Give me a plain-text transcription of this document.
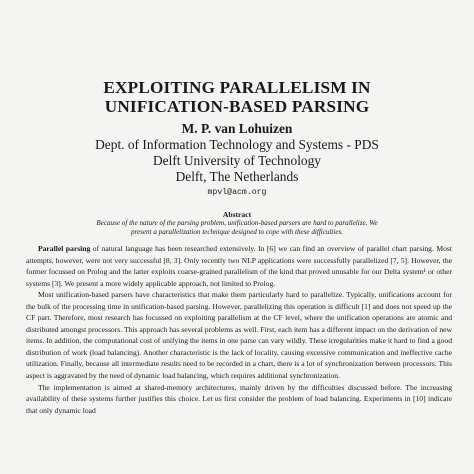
EXPLOITING PARALLELISM IN
UNIFICATION-BASED PARSING
M. P. van Lohuizen
Dept. of Information Technology and Systems - PDS
Delft University of Technology
Delft, The Netherlands
mpvl@acm.org
Abstract
Because of the nature of the parsing problem, unification-based parsers are hard to parallelize. We
present a parallelization technique designed to cope with these difficulties.

Parallel parsing of natural language has been researched extensively. In [6] we can find an overview of parallel chart parsing. Most attempts, however, were not very successful [8, 3]. Only recently two NLP applications were successfully parallelized [7, 5]. However, the former focussed on Prolog and the latter exploits coarse-grained parallelism of the kind that proved unusable for our Delta system¹ or other systems [3]. We present a more widely applicable approach, not limited to Prolog.

Most unification-based parsers have characteristics that make them particularly hard to parallelize. Typically, unifications account for the bulk of the processing time in unification-based parsing. However, parallelizing this operation is difficult [1] and does not speed up the CF part. Therefore, most research has focussed on exploiting parallelism at the CF level, where the unification operations are atomic and distributed amongst processors. This approach has several problems as well. First, each item has a different impact on the derivation of new items. In addition, the computational cost of unifying the items in one parse can vary wildly. These irregularities make it hard to find a good distribution of work (load balancing). Another characteristic is the lack of locality, causing excessive communication and ineffective cache utilization. Finally, because all intermediate results need to be recorded in a chart, there is a lot of synchronization between processors. This aspect is aggravated by the need of dynamic load balancing, which requires additional synchronization.

The implementation is aimed at shared-memory architectures, mainly driven by the difficulties discussed before. The increasing availability of these systems further justifies this choice. Let us first consider the problem of load balancing. Experiments in [10] indicate that only dynamic load
